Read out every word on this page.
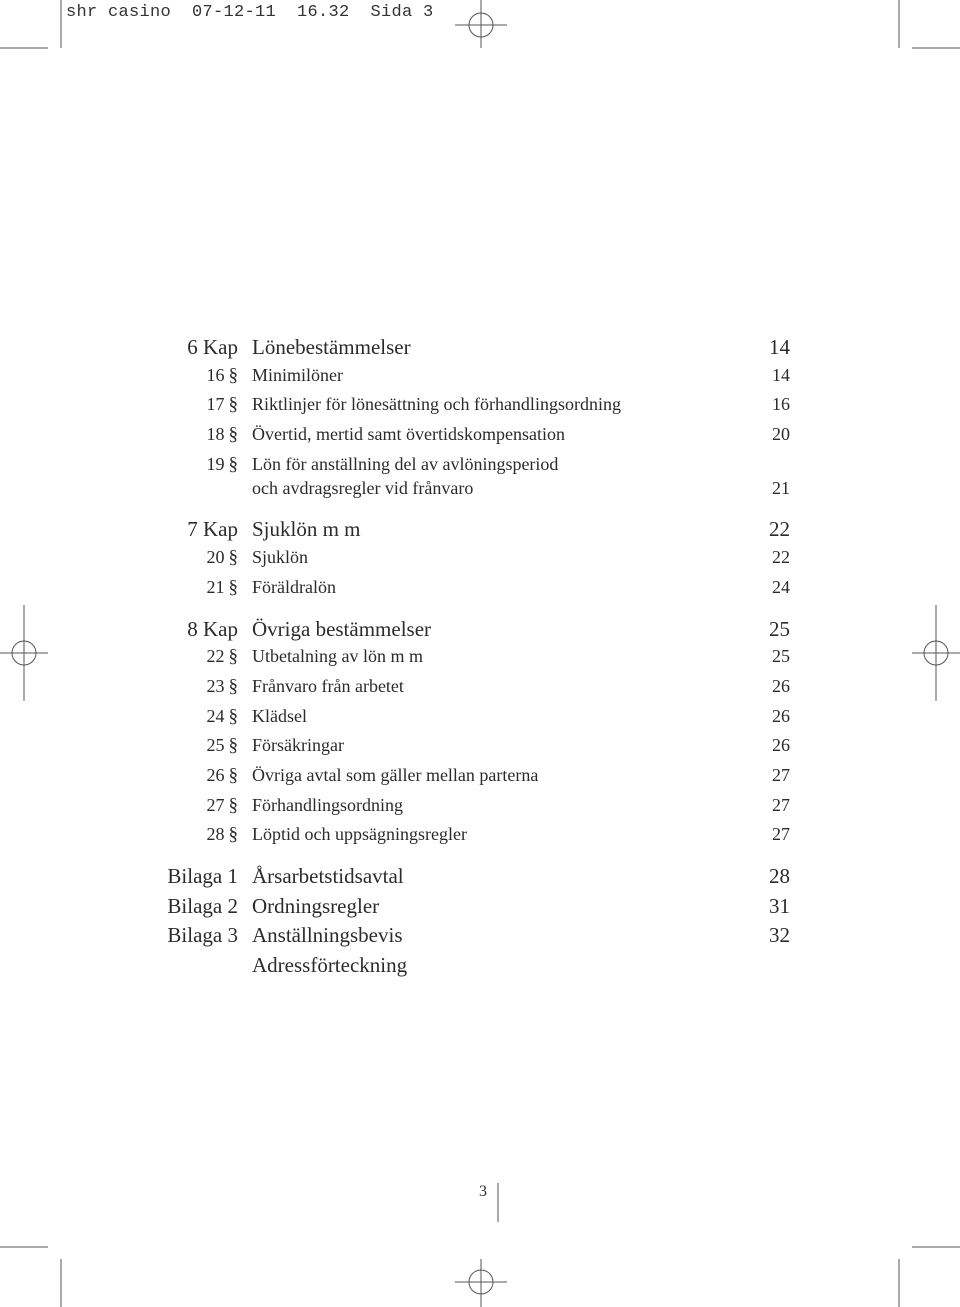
shr casino  07-12-11  16.32  Sida 3
6 Kap Lönebestämmelser	14
16 § Minimilöner	14
17 § Riktlinjer för lönesättning och förhandlingsordning	16
18 § Övertid, mertid samt övertidskompensation	20
19 § Lön för anställning del av avlöningsperiod
och avdragsregler vid frånvaro	21
7 Kap Sjuklön m m	22
20 § Sjuklön	22
21 § Föräldralön	24
8 Kap Övriga bestämmelser	25
22 § Utbetalning av lön m m	25
23 § Frånvaro från arbetet	26
24 § Klädsel	26
25 § Försäkringar	26
26 § Övriga avtal som gäller mellan parterna	27
27 § Förhandlingsordning	27
28 § Löptid och uppsägningsregler	27
Bilaga 1 Årsarbetstidsavtal	28
Bilaga 2 Ordningsregler	31
Bilaga 3 Anställningsbevis	32
Adressförteckning
3
